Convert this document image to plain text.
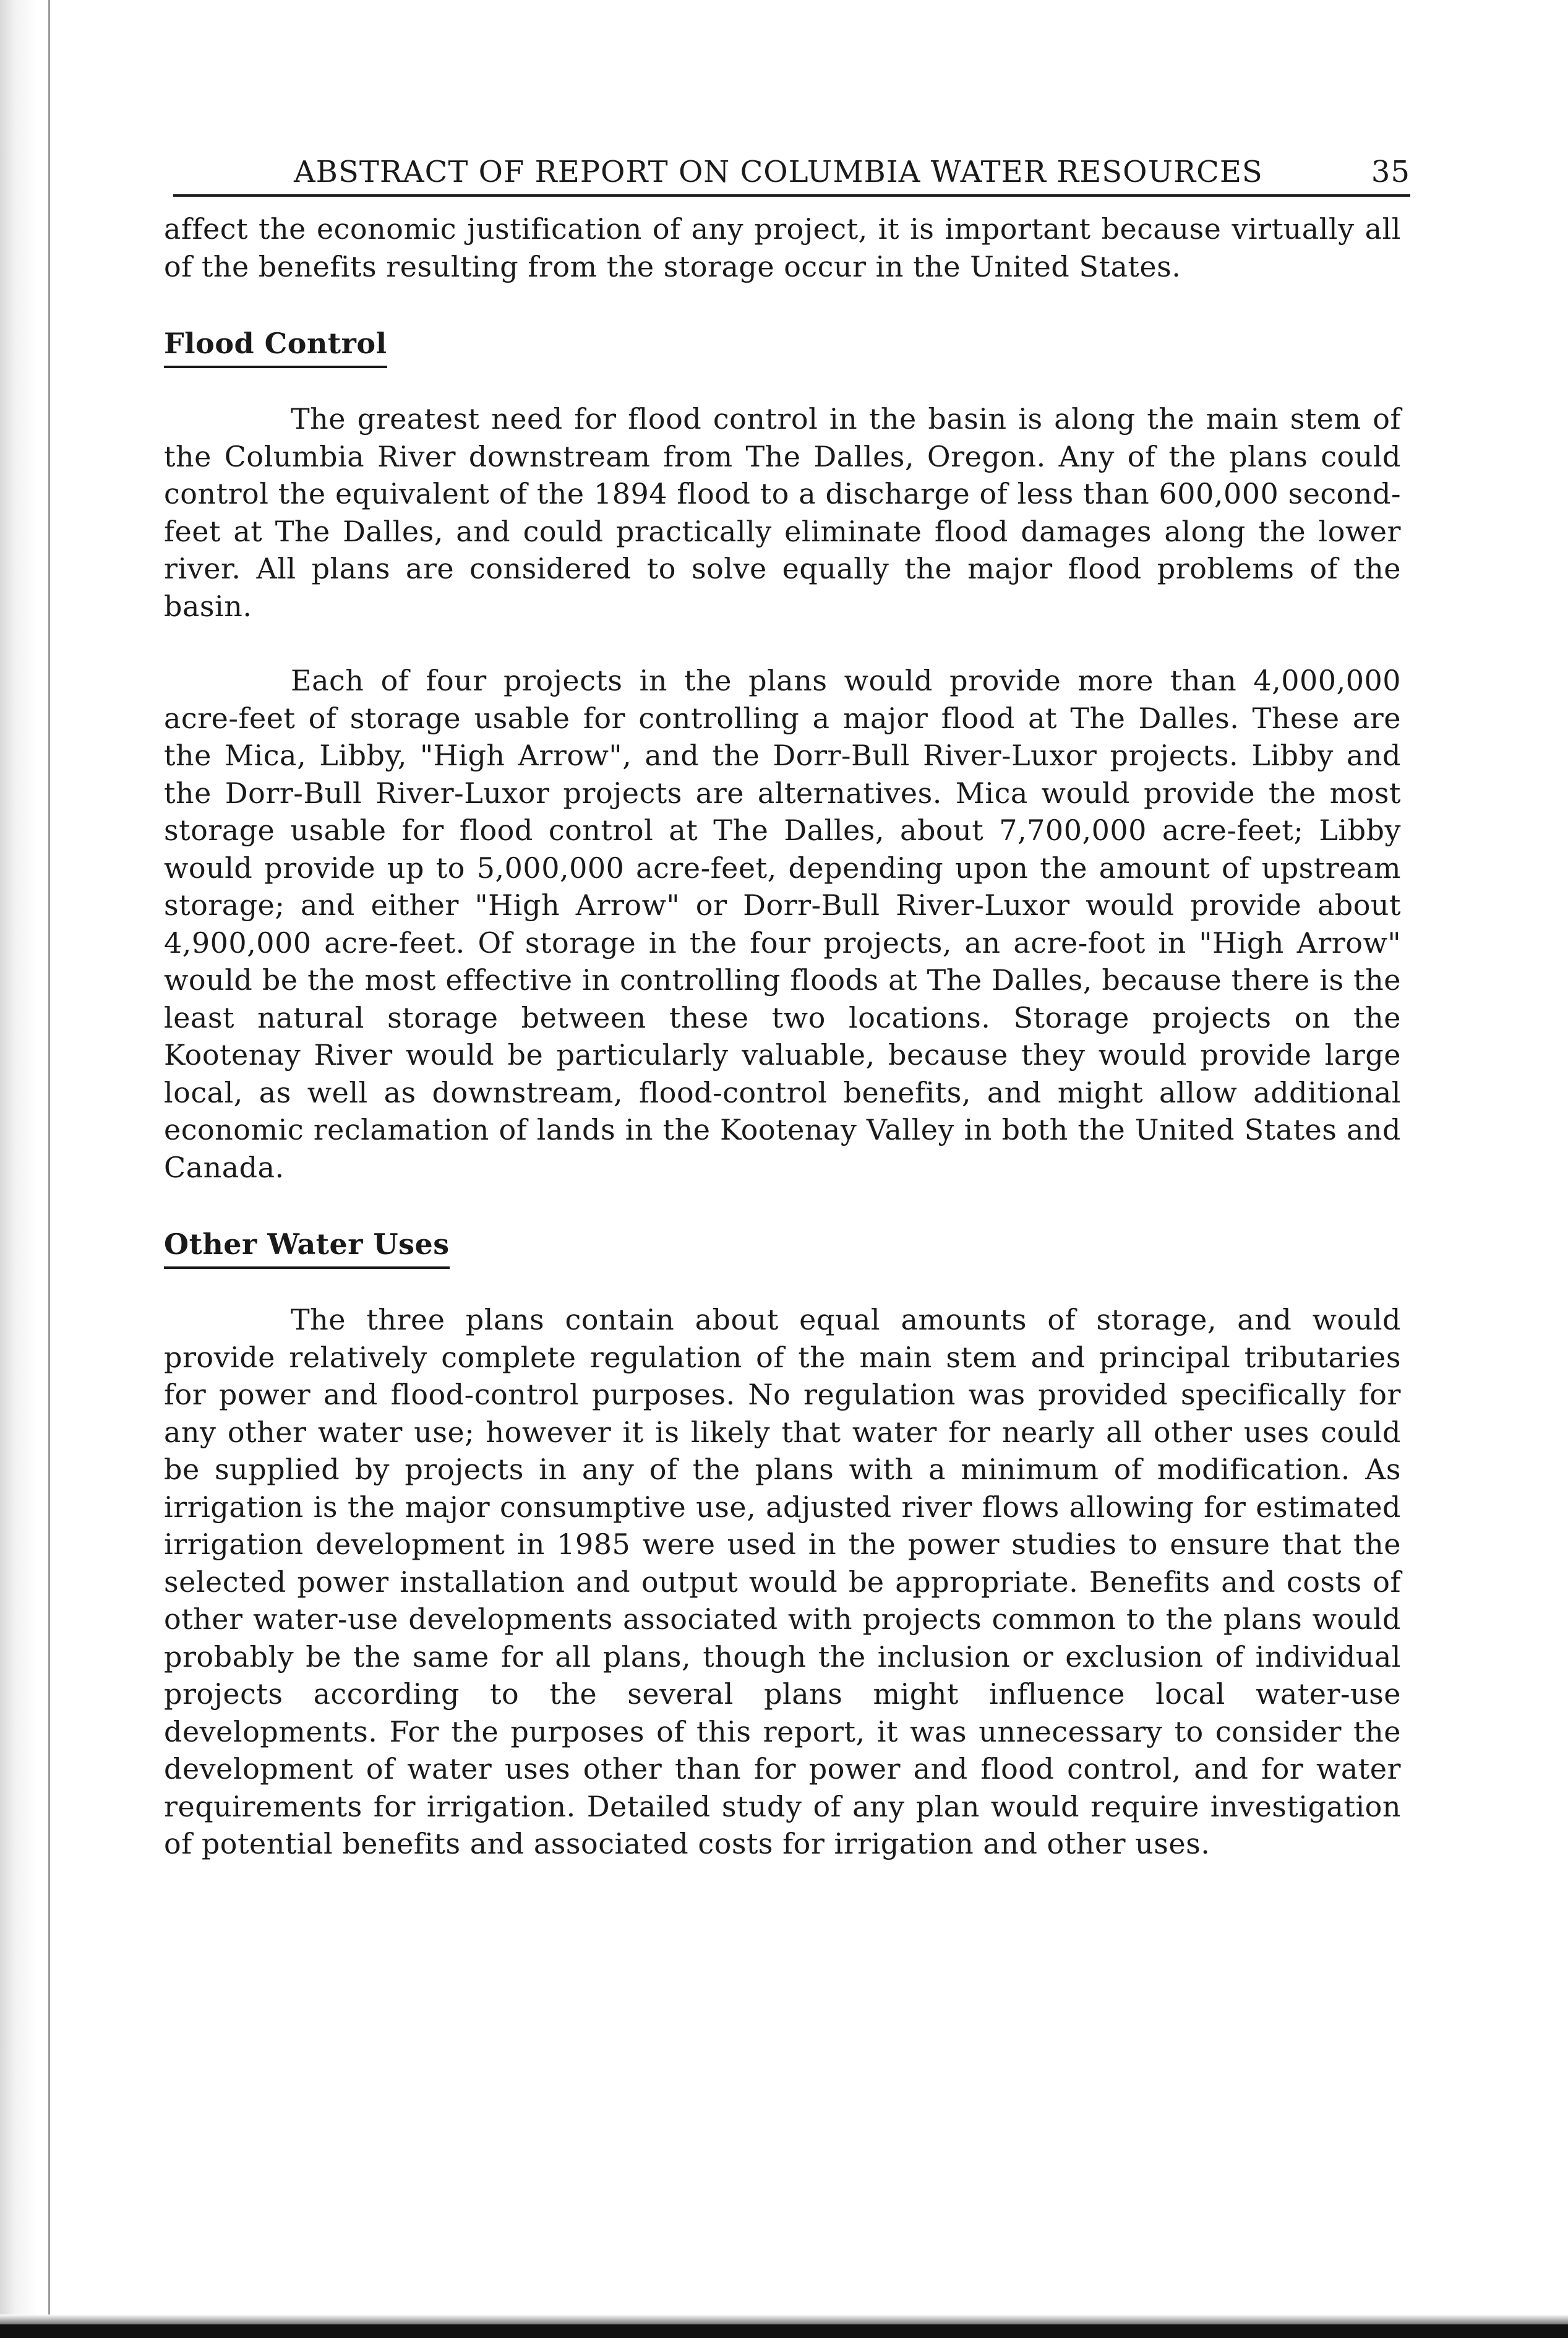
ABSTRACT OF REPORT ON COLUMBIA WATER RESOURCES	35

affect the economic justification of any project, it is important because virtually all of the benefits resulting from the storage occur in the United States.

Flood Control

The greatest need for flood control in the basin is along the main stem of the Columbia River downstream from The Dalles, Oregon. Any of the plans could control the equivalent of the 1894 flood to a discharge of less than 600,000 second-feet at The Dalles, and could practically eliminate flood damages along the lower river. All plans are considered to solve equally the major flood problems of the basin.

Each of four projects in the plans would provide more than 4,000,000 acre-feet of storage usable for controlling a major flood at The Dalles. These are the Mica, Libby, "High Arrow", and the Dorr-Bull River-Luxor projects. Libby and the Dorr-Bull River-Luxor projects are alternatives. Mica would provide the most storage usable for flood control at The Dalles, about 7,700,000 acre-feet; Libby would provide up to 5,000,000 acre-feet, depending upon the amount of upstream storage; and either "High Arrow" or Dorr-Bull River-Luxor would provide about 4,900,000 acre-feet. Of storage in the four projects, an acre-foot in "High Arrow" would be the most effective in controlling floods at The Dalles, because there is the least natural storage between these two locations. Storage projects on the Kootenay River would be particularly valuable, because they would provide large local, as well as downstream, flood-control benefits, and might allow additional economic reclamation of lands in the Kootenay Valley in both the United States and Canada.

Other Water Uses

The three plans contain about equal amounts of storage, and would provide relatively complete regulation of the main stem and principal tributaries for power and flood-control purposes. No regulation was provided specifically for any other water use; however it is likely that water for nearly all other uses could be supplied by projects in any of the plans with a minimum of modification. As irrigation is the major consumptive use, adjusted river flows allowing for estimated irrigation development in 1985 were used in the power studies to ensure that the selected power installation and output would be appropriate. Benefits and costs of other water-use developments associated with projects common to the plans would probably be the same for all plans, though the inclusion or exclusion of individual projects according to the several plans might influence local water-use developments. For the purposes of this report, it was unnecessary to consider the development of water uses other than for power and flood control, and for water requirements for irrigation. Detailed study of any plan would require investigation of potential benefits and associated costs for irrigation and other uses.
